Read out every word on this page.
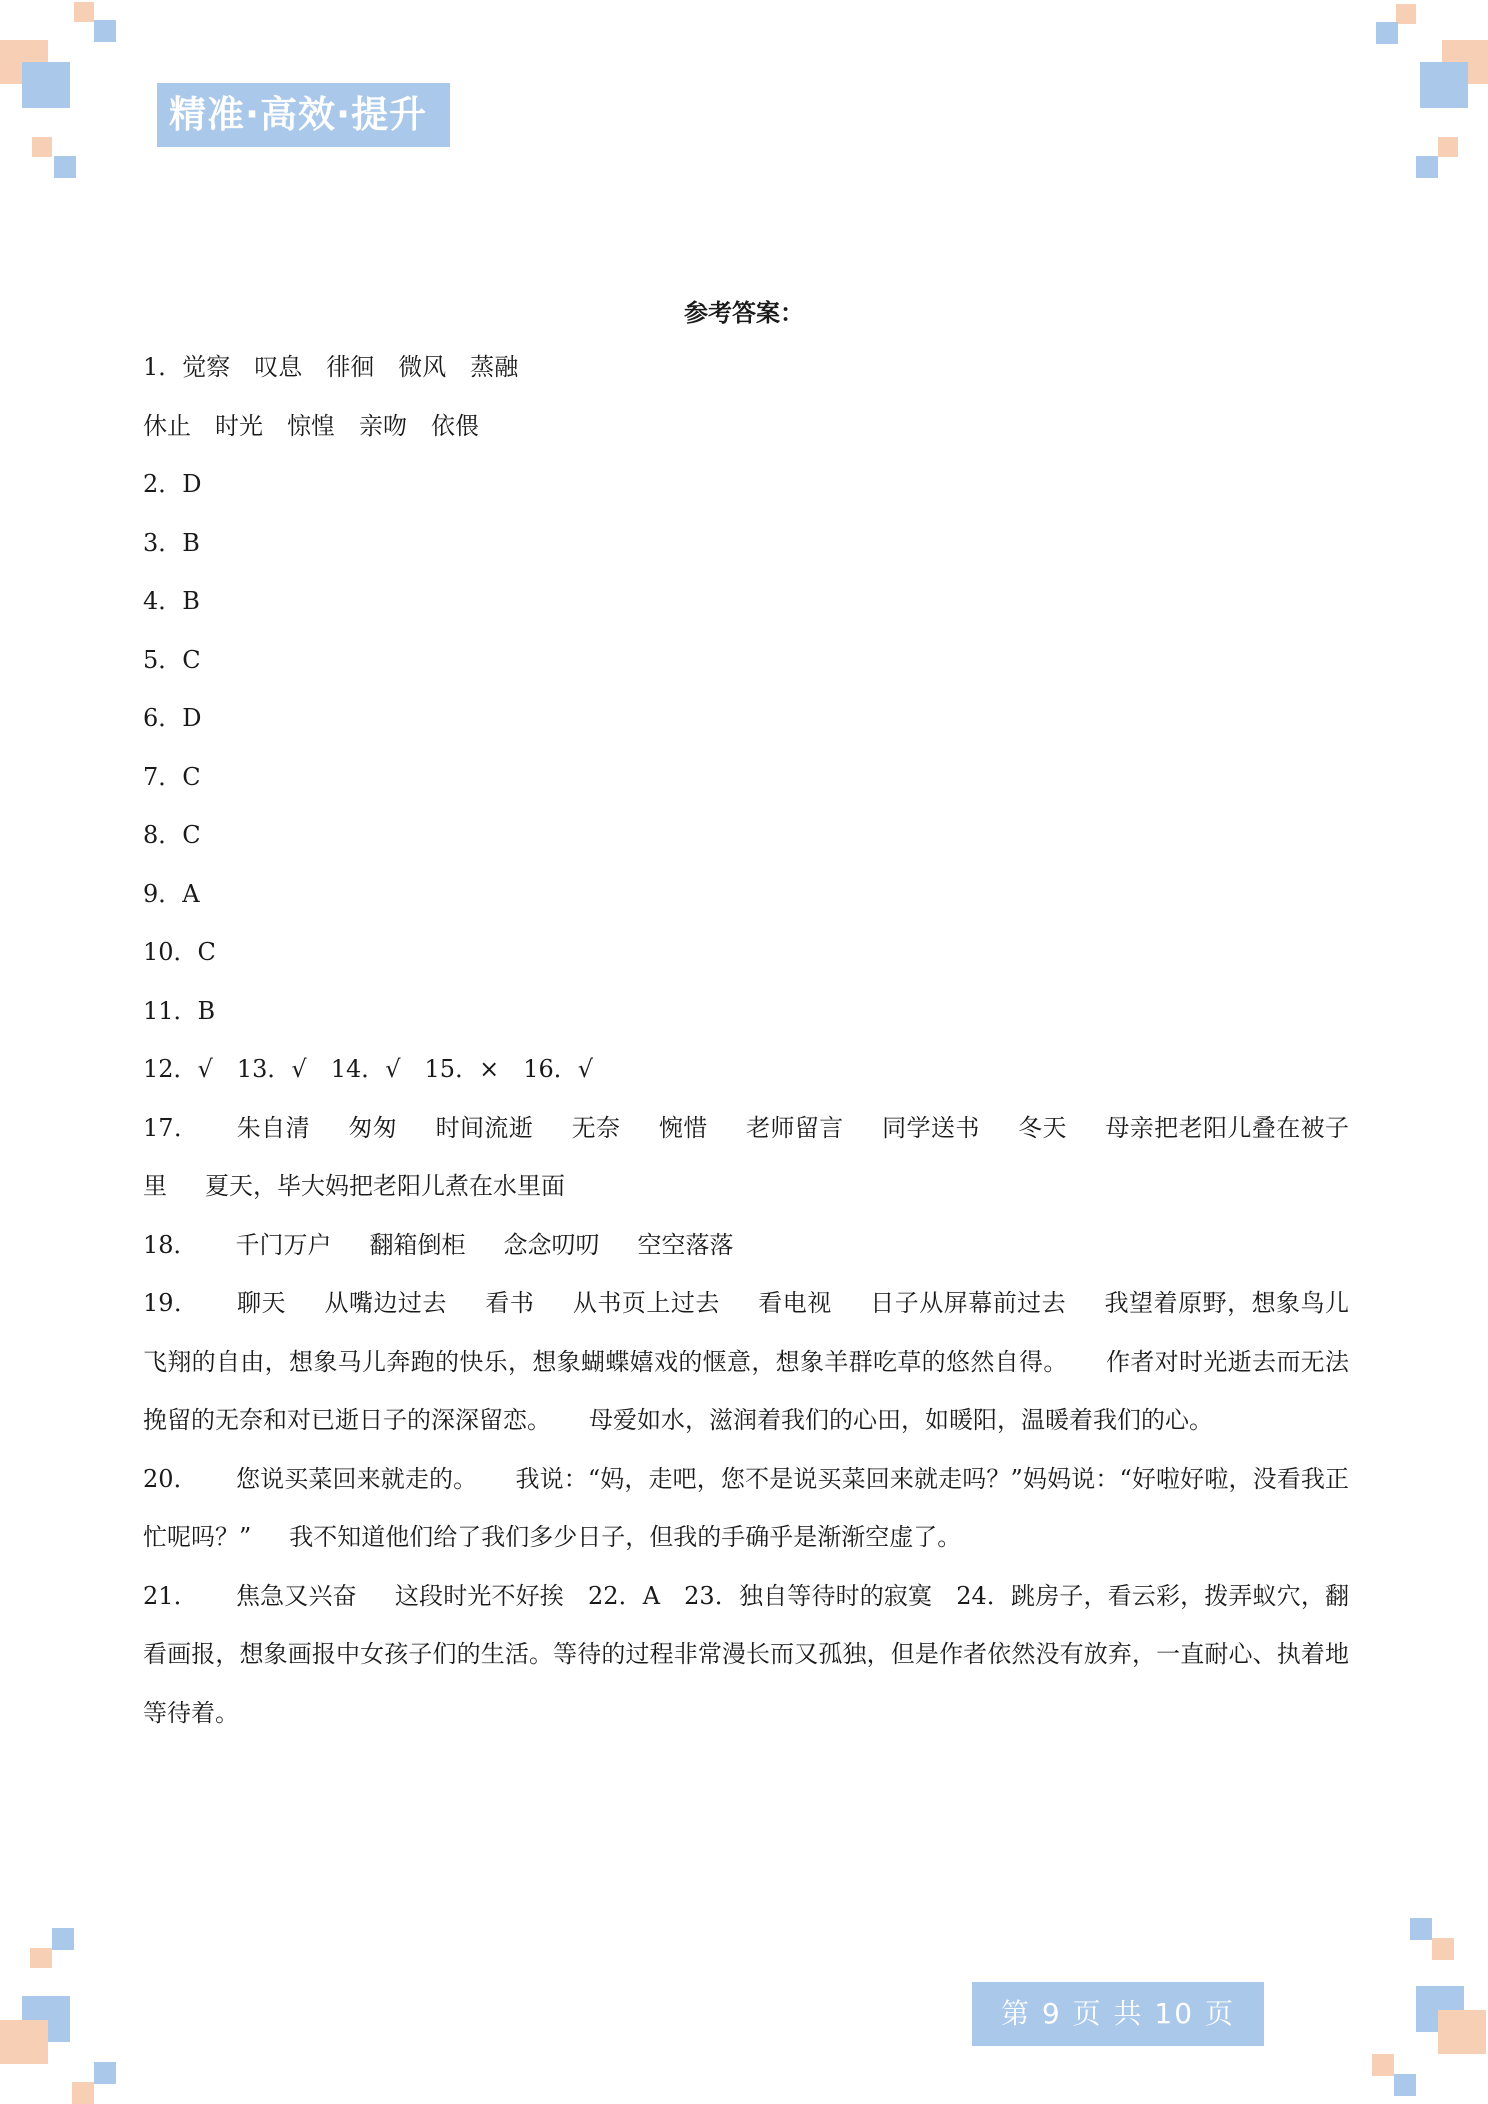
精准·高效·提升
参考答案：
1．觉察 叹息 徘徊 微风 蒸融
休止 时光 惊惶 亲吻 依偎
2．D
3．B
4．B
5．C
6．D
7．C
8．C
9．A
10．C
11．B
12．√ 13．√ 14．√ 15．× 16．√
17． 朱自清 匆匆 时间流逝 无奈 惋惜 老师留言 同学送书 冬天 母亲把老阳儿叠在被子里 夏天，毕大妈把老阳儿煮在水里面
18． 千门万户 翻箱倒柜 念念叨叨 空空落落
19． 聊天 从嘴边过去 看书 从书页上过去 看电视 日子从屏幕前过去 我望着原野，想象鸟儿飞翔的自由，想象马儿奔跑的快乐，想象蝴蝶嬉戏的惬意，想象羊群吃草的悠然自得。 作者对时光逝去而无法挽留的无奈和对已逝日子的深深留恋。 母爱如水，滋润着我们的心田，如暖阳，温暖着我们的心。
20． 您说买菜回来就走的。 我说：“妈，走吧，您不是说买菜回来就走吗？”妈妈说：“好啦好啦，没看我正忙呢吗？” 我不知道他们给了我们多少日子，但我的手确乎是渐渐空虚了。
21． 焦急又兴奋 这段时光不好挨 22．A 23．独自等待时的寂寞 24．跳房子，看云彩，拨弄蚁穴，翻看画报，想象画报中女孩子们的生活。等待的过程非常漫长而又孤独，但是作者依然没有放弃，一直耐心、执着地等待着。
第 9 页 共 10 页
